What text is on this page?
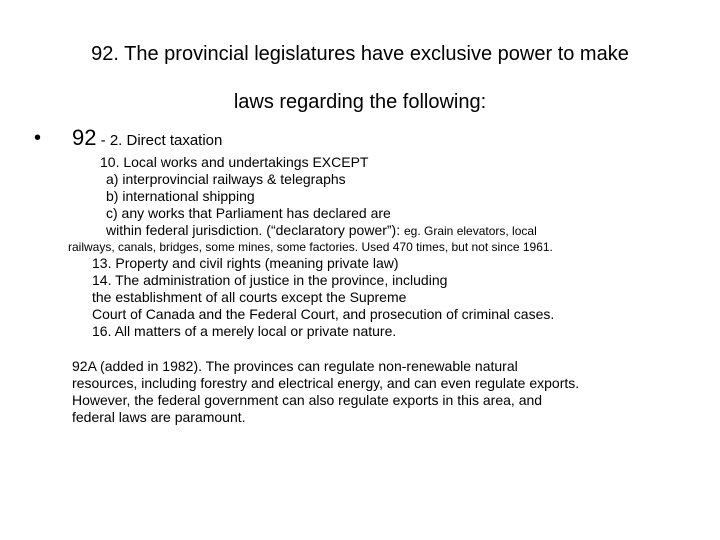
92. The provincial legislatures have exclusive power to make
laws regarding the following:
• 92 - 2. Direct taxation
10. Local works and undertakings EXCEPT
a) interprovincial railways & telegraphs
b) international shipping
c) any works that Parliament has declared are
within federal jurisdiction. (“declaratory power”): eg. Grain elevators, local
railways, canals, bridges, some mines, some factories. Used 470 times, but not since 1961.
13. Property and civil rights (meaning private law)
14. The administration of justice in the province, including
the establishment of all courts except the Supreme
Court of Canada and the Federal Court, and prosecution of criminal cases.
16. All matters of a merely local or private nature.
92A (added in 1982). The provinces can regulate non-renewable natural
resources, including forestry and electrical energy, and can even regulate exports.
However, the federal government can also regulate exports in this area, and
federal laws are paramount.
